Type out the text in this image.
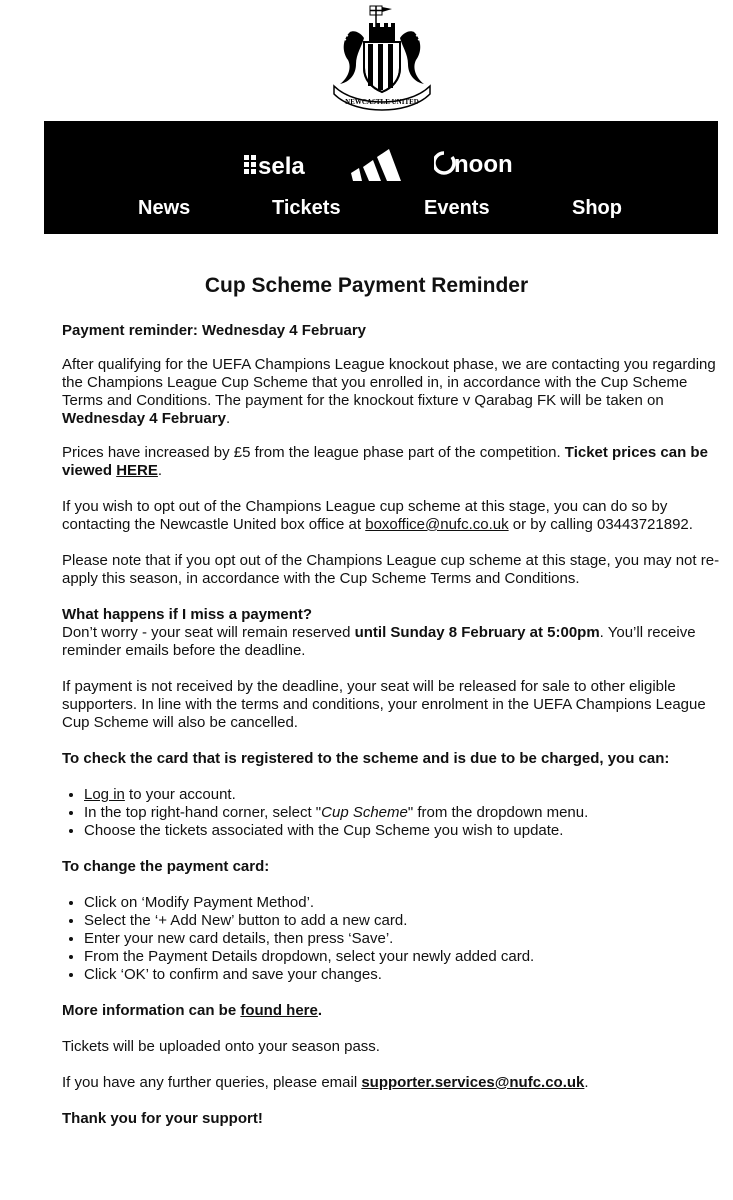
NEWCASTLE UNITED
sela	noon
News	Tickets	Events	Shop
Cup Scheme Payment Reminder

Payment reminder: Wednesday 4 February

After qualifying for the UEFA Champions League knockout phase, we are contacting you regarding the Champions League Cup Scheme that you enrolled in, in accordance with the Cup Scheme Terms and Conditions. The payment for the knockout fixture v Qarabag FK will be taken on Wednesday 4 February.

Prices have increased by £5 from the league phase part of the competition. Ticket prices can be viewed HERE.

If you wish to opt out of the Champions League cup scheme at this stage, you can do so by contacting the Newcastle United box office at boxoffice@nufc.co.uk or by calling 03443721892.

Please note that if you opt out of the Champions League cup scheme at this stage, you may not re-apply this season, in accordance with the Cup Scheme Terms and Conditions.

What happens if I miss a payment?

Don’t worry - your seat will remain reserved until Sunday 8 February at 5:00pm. You’ll receive reminder emails before the deadline.

If payment is not received by the deadline, your seat will be released for sale to other eligible supporters. In line with the terms and conditions, your enrolment in the UEFA Champions League Cup Scheme will also be cancelled.

To check the card that is registered to the scheme and is due to be charged, you can:

• Log in to your account.
• In the top right-hand corner, select "Cup Scheme" from the dropdown menu.
• Choose the tickets associated with the Cup Scheme you wish to update.

To change the payment card:

• Click on ‘Modify Payment Method’.
• Select the ‘+ Add New’ button to add a new card.
• Enter your new card details, then press ‘Save’.
• From the Payment Details dropdown, select your newly added card.
• Click ‘OK’ to confirm and save your changes.

More information can be found here.

Tickets will be uploaded onto your season pass.

If you have any further queries, please email supporter.services@nufc.co.uk.

Thank you for your support!
